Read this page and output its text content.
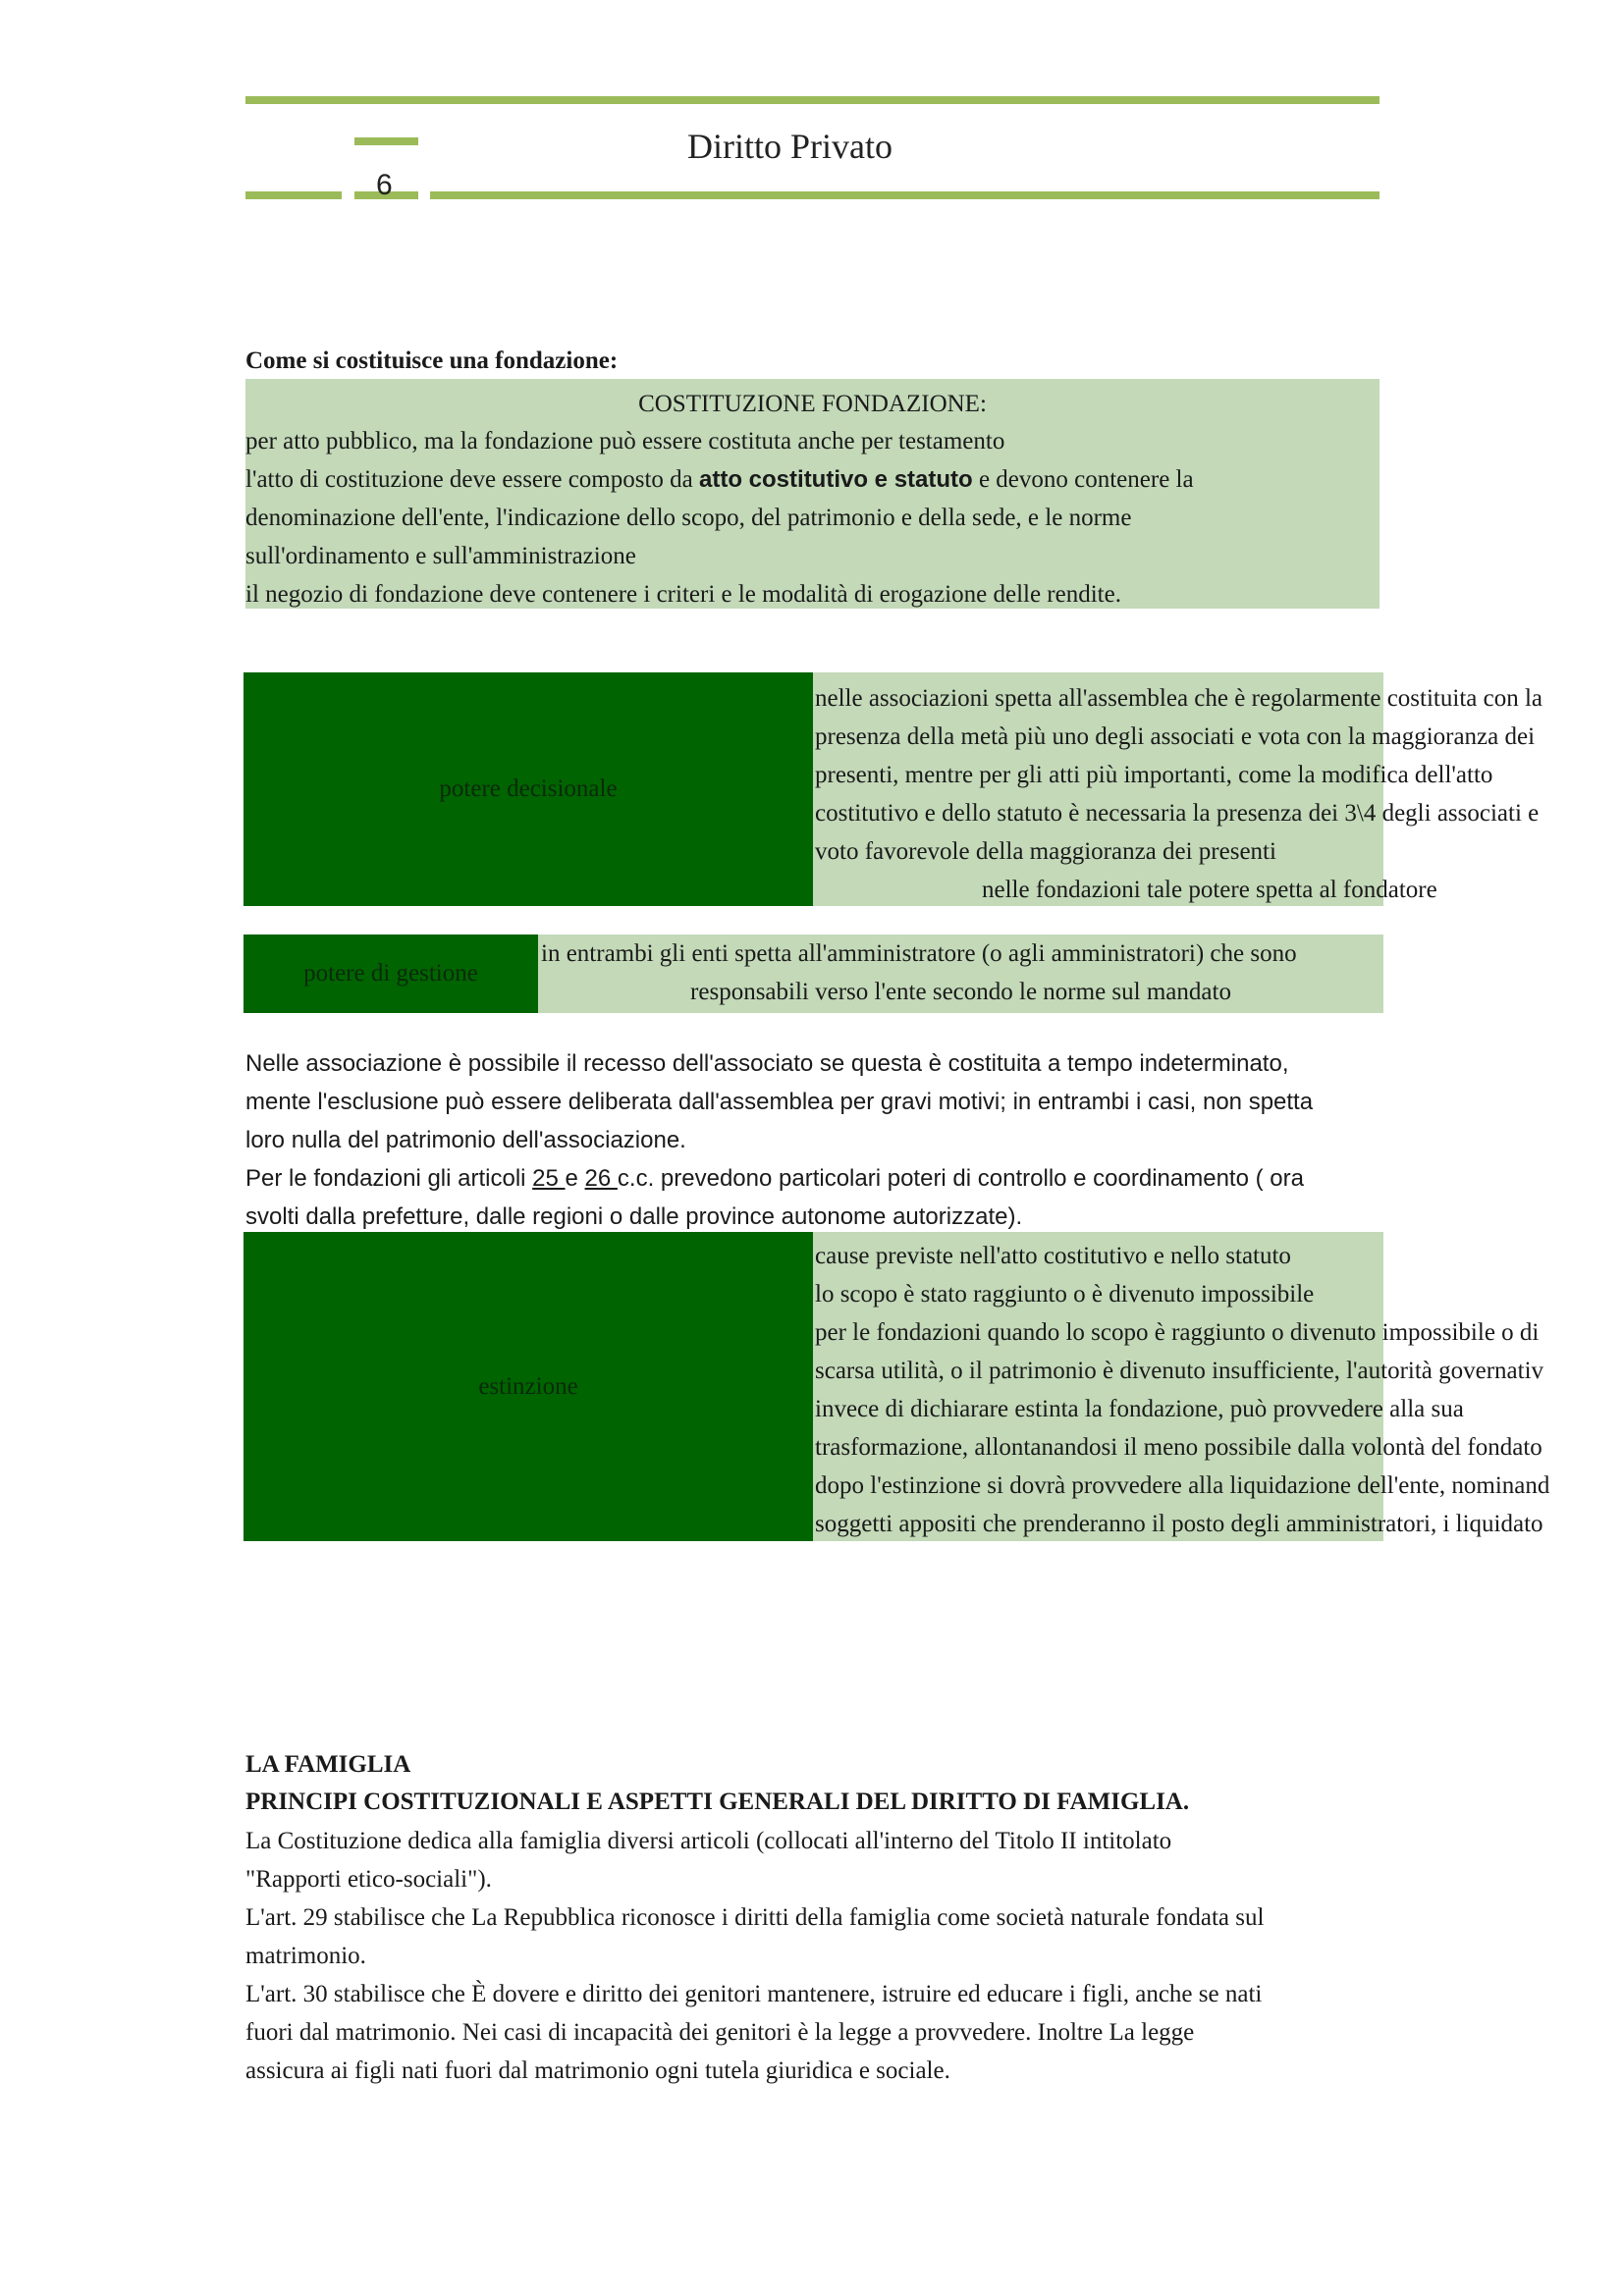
Diritto Privato
6
Come si costituisce una fondazione:
COSTITUZIONE FONDAZIONE:
per atto pubblico, ma la fondazione può essere costituta anche per testamento
l'atto di costituzione deve essere composto da atto costitutivo e statuto e devono contenere la
denominazione dell'ente, l'indicazione dello scopo, del patrimonio e della sede, e le norme
sull'ordinamento e sull'amministrazione
il negozio di fondazione deve contenere i criteri e le modalità di erogazione delle rendite.
potere decisionale
nelle associazioni spetta all'assemblea che è regolarmente costituita con la
presenza della metà più uno degli associati e vota con la maggioranza dei
presenti, mentre per gli atti più importanti, come la modifica dell'atto
costitutivo e dello statuto è necessaria la presenza dei 3\4 degli associati e
voto favorevole della maggioranza dei presenti
nelle fondazioni tale potere spetta al fondatore
potere di gestione
in entrambi gli enti spetta all'amministratore (o agli amministratori) che sono
responsabili verso l'ente secondo le norme sul mandato
Nelle associazione è possibile il recesso dell'associato se questa è costituita a tempo indeterminato,
mente l'esclusione può essere deliberata dall'assemblea per gravi motivi; in entrambi i casi, non spetta
loro nulla del patrimonio dell'associazione.
Per le fondazioni gli articoli 25 e 26 c.c. prevedono particolari poteri di controllo e coordinamento ( ora
svolti dalla prefetture, dalle regioni o dalle province autonome autorizzate).
estinzione
cause previste nell'atto costitutivo e nello statuto
lo scopo è stato raggiunto o è divenuto impossibile
per le fondazioni quando lo scopo è raggiunto o divenuto impossibile o di
scarsa utilità, o il patrimonio è divenuto insufficiente, l'autorità governativ
invece di dichiarare estinta la fondazione, può provvedere alla sua
trasformazione, allontanandosi il meno possibile dalla volontà del fondato
dopo l'estinzione si dovrà provvedere alla liquidazione dell'ente, nominand
soggetti appositi che prenderanno il posto degli amministratori, i liquidato
LA FAMIGLIA
PRINCIPI COSTITUZIONALI E ASPETTI GENERALI DEL DIRITTO DI FAMIGLIA.
La Costituzione dedica alla famiglia diversi articoli (collocati all'interno del Titolo II intitolato
"Rapporti etico-sociali").
L'art. 29 stabilisce che La Repubblica riconosce i diritti della famiglia come società naturale fondata sul
matrimonio.
L'art. 30 stabilisce che È dovere e diritto dei genitori mantenere, istruire ed educare i figli, anche se nati
fuori dal matrimonio. Nei casi di incapacità dei genitori è la legge a provvedere. Inoltre La legge
assicura ai figli nati fuori dal matrimonio ogni tutela giuridica e sociale.
